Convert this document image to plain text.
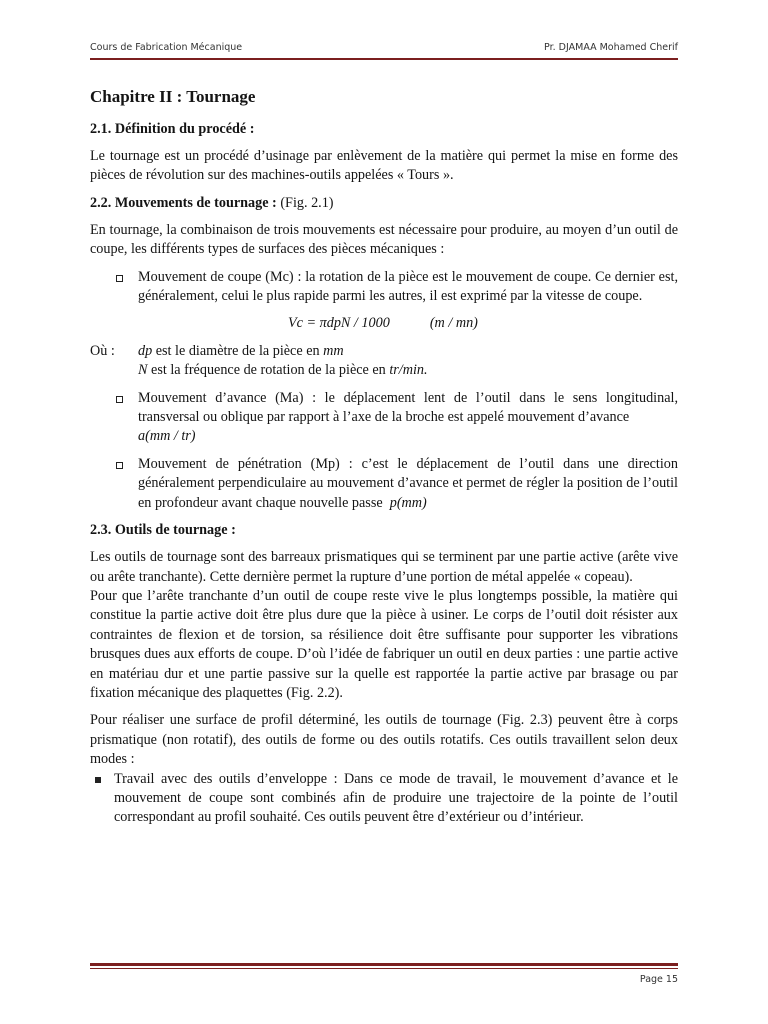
Cours de Fabrication Mécanique	Pr. DJAMAA Mohamed Cherif
Chapitre II : Tournage
2.1. Définition du procédé :

Le tournage est un procédé d’usinage par enlèvement de la matière qui permet la mise en forme des pièces de révolution sur des machines-outils appelées « Tours ».

2.2. Mouvements de tournage : (Fig. 2.1)

En tournage, la combinaison de trois mouvements est nécessaire pour produire, au moyen d’un outil de coupe, les différents types de surfaces des pièces mécaniques :

Mouvement de coupe (Mc) : la rotation de la pièce est le mouvement de coupe. Ce dernier est, généralement, celui le plus rapide parmi les autres, il est exprimé par la vitesse de coupe.

Vc = πdpN / 1000	(m / mn)

Où : dp est le diamètre de la pièce en mm

N est la fréquence de rotation de la pièce en tr/min.

Mouvement d’avance (Ma) : le déplacement lent de l’outil dans le sens longitudinal, transversal ou oblique par rapport à l’axe de la broche est appelé mouvement d’avance
a(mm / tr)
Mouvement de pénétration (Mp) : c’est le déplacement de l’outil dans une direction généralement perpendiculaire au mouvement d’avance et permet de régler la position de l’outil en profondeur avant chaque nouvelle passe p(mm)
2.3. Outils de tournage :

Les outils de tournage sont des barreaux prismatiques qui se terminent par une partie active (arête vive ou arête tranchante). Cette dernière permet la rupture d’une portion de métal appelée « copeau).

Pour que l’arête tranchante d’un outil de coupe reste vive le plus longtemps possible, la matière qui constitue la partie active doit être plus dure que la pièce à usiner. Le corps de l’outil doit résister aux contraintes de flexion et de torsion, sa résilience doit être suffisante pour supporter les vibrations brusques dues aux efforts de coupe. D’où l’idée de fabriquer un outil en deux parties : une partie active en matériau dur et une partie passive sur la quelle est rapportée la partie active par brasage ou par fixation mécanique des plaquettes (Fig. 2.2).

Pour réaliser une surface de profil déterminé, les outils de tournage (Fig. 2.3) peuvent être à corps prismatique (non rotatif), des outils de forme ou des outils rotatifs. Ces outils travaillent selon deux modes :

Travail avec des outils d’enveloppe : Dans ce mode de travail, le mouvement d’avance et le mouvement de coupe sont combinés afin de produire une trajectoire de la pointe de l’outil correspondant au profil souhaité. Ces outils peuvent être d’extérieur ou d’intérieur.
Page 15
